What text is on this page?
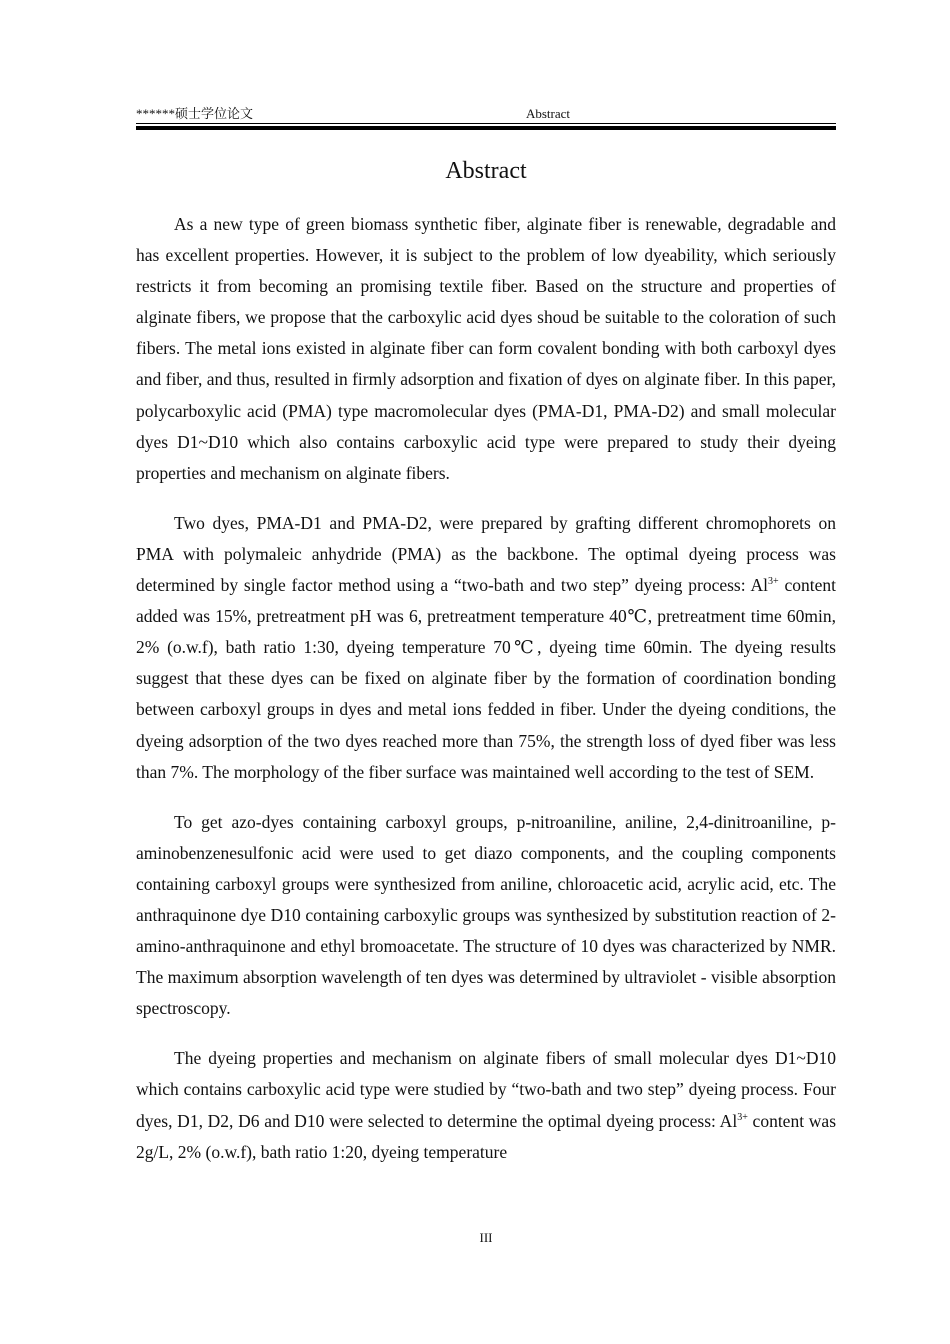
******硕士学位论文	Abstract
Abstract

As a new type of green biomass synthetic fiber, alginate fiber is renewable, degradable and has excellent properties. However, it is subject to the problem of low dyeability, which seriously restricts it from becoming an promising textile fiber. Based on the structure and properties of alginate fibers, we propose that the carboxylic acid dyes shoud be suitable to the coloration of such fibers. The metal ions existed in alginate fiber can form covalent bonding with both carboxyl dyes and fiber, and thus, resulted in firmly adsorption and fixation of dyes on alginate fiber. In this paper, polycarboxylic acid (PMA) type macromolecular dyes (PMA-D1, PMA-D2) and small molecular dyes D1~D10 which also contains carboxylic acid type were prepared to study their dyeing properties and mechanism on alginate fibers.

Two dyes, PMA-D1 and PMA-D2, were prepared by grafting different chromophorets on PMA with polymaleic anhydride (PMA) as the backbone. The optimal dyeing process was determined by single factor method using a “two-bath and two step” dyeing process: $Al^{3+}$ content added was 15%, pretreatment pH was 6, pretreatment temperature 40℃, pretreatment time 60min, 2% (o.w.f), bath ratio 1:30, dyeing temperature 70℃, dyeing time 60min. The dyeing results suggest that these dyes can be fixed on alginate fiber by the formation of coordination bonding between carboxyl groups in dyes and metal ions fedded in fiber. Under the dyeing conditions, the dyeing adsorption of the two dyes reached more than 75%, the strength loss of dyed fiber was less than 7%. The morphology of the fiber surface was maintained well according to the test of SEM.

To get azo-dyes containing carboxyl groups, p-nitroaniline, aniline, 2,4-dinitroaniline, p-aminobenzenesulfonic acid were used to get diazo components, and the coupling components containing carboxyl groups were synthesized from aniline, chloroacetic acid, acrylic acid, etc. The anthraquinone dye D10 containing carboxylic groups was synthesized by substitution reaction of 2-amino-anthraquinone and ethyl bromoacetate. The structure of 10 dyes was characterized by NMR. The maximum absorption wavelength of ten dyes was determined by ultraviolet - visible absorption spectroscopy.

The dyeing properties and mechanism on alginate fibers of small molecular dyes D1~D10 which contains carboxylic acid type were studied by “two-bath and two step” dyeing process. Four dyes, D1, D2, D6 and D10 were selected to determine the optimal dyeing process: $Al^{3+}$ content was 2g/L, 2% (o.w.f), bath ratio 1:20, dyeing temperature

III
